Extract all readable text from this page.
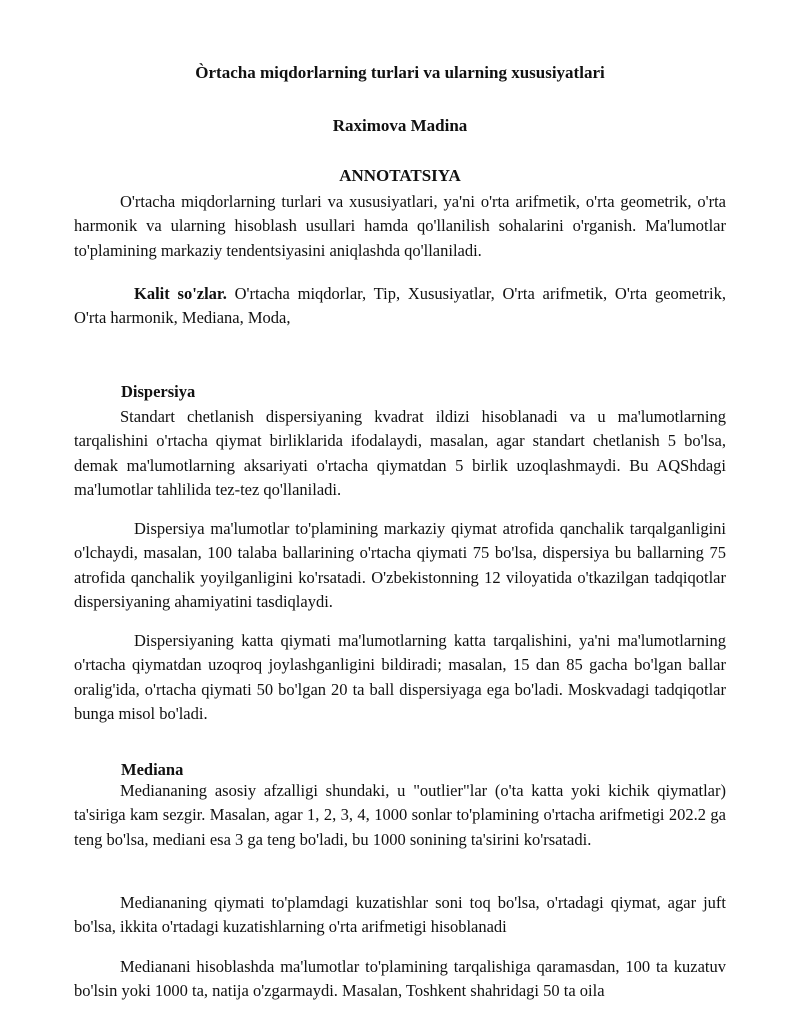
Òrtacha miqdorlarning turlari va ularning xususiyatlari
Raximova Madina
ANNOTATSIYA

O'rtacha miqdorlarning turlari va xususiyatlari, ya'ni o'rta arifmetik, o'rta geometrik, o'rta harmonik va ularning hisoblash usullari hamda qo'llanilish sohalarini o'rganish. Ma'lumotlar to'plamining markaziy tendentsiyasini aniqlashda qo'llaniladi.

Kalit so'zlar. O'rtacha miqdorlar, Tip, Xususiyatlar, O'rta arifmetik, O'rta geometrik, O'rta harmonik, Mediana, Moda,

Dispersiya

Standart chetlanish dispersiyaning kvadrat ildizi hisoblanadi va u ma'lumotlarning tarqalishini o'rtacha qiymat birliklarida ifodalaydi, masalan, agar standart chetlanish 5 bo'lsa, demak ma'lumotlarning aksariyati o'rtacha qiymatdan 5 birlik uzoqlashmaydi. Bu AQShdagi ma'lumotlar tahlilida tez-tez qo'llaniladi.

Dispersiya ma'lumotlar to'plamining markaziy qiymat atrofida qanchalik tarqalganligini o'lchaydi, masalan, 100 talaba ballarining o'rtacha qiymati 75 bo'lsa, dispersiya bu ballarning 75 atrofida qanchalik yoyilganligini ko'rsatadi. O'zbekistonning 12 viloyatida o'tkazilgan tadqiqotlar dispersiyaning ahamiyatini tasdiqlaydi.

Dispersiyaning katta qiymati ma'lumotlarning katta tarqalishini, ya'ni ma'lumotlarning o'rtacha qiymatdan uzoqroq joylashganligini bildiradi; masalan, 15 dan 85 gacha bo'lgan ballar oralig'ida, o'rtacha qiymati 50 bo'lgan 20 ta ball dispersiyaga ega bo'ladi. Moskvadagi tadqiqotlar bunga misol bo'ladi.

Mediana

Mediananing asosiy afzalligi shundaki, u "outlier"lar (o'ta katta yoki kichik qiymatlar) ta'siriga kam sezgir. Masalan, agar 1, 2, 3, 4, 1000 sonlar to'plamining o'rtacha arifmetigi 202.2 ga teng bo'lsa, mediani esa 3 ga teng bo'ladi, bu 1000 sonining ta'sirini ko'rsatadi.

Mediananing qiymati to'plamdagi kuzatishlar soni toq bo'lsa, o'rtadagi qiymat, agar juft bo'lsa, ikkita o'rtadagi kuzatishlarning o'rta arifmetigi hisoblanadi

Medianani hisoblashda ma'lumotlar to'plamining tarqalishiga qaramasdan, 100 ta kuzatuv bo'lsin yoki 1000 ta, natija o'zgarmaydi. Masalan, Toshkent shahridagi 50 ta oila
